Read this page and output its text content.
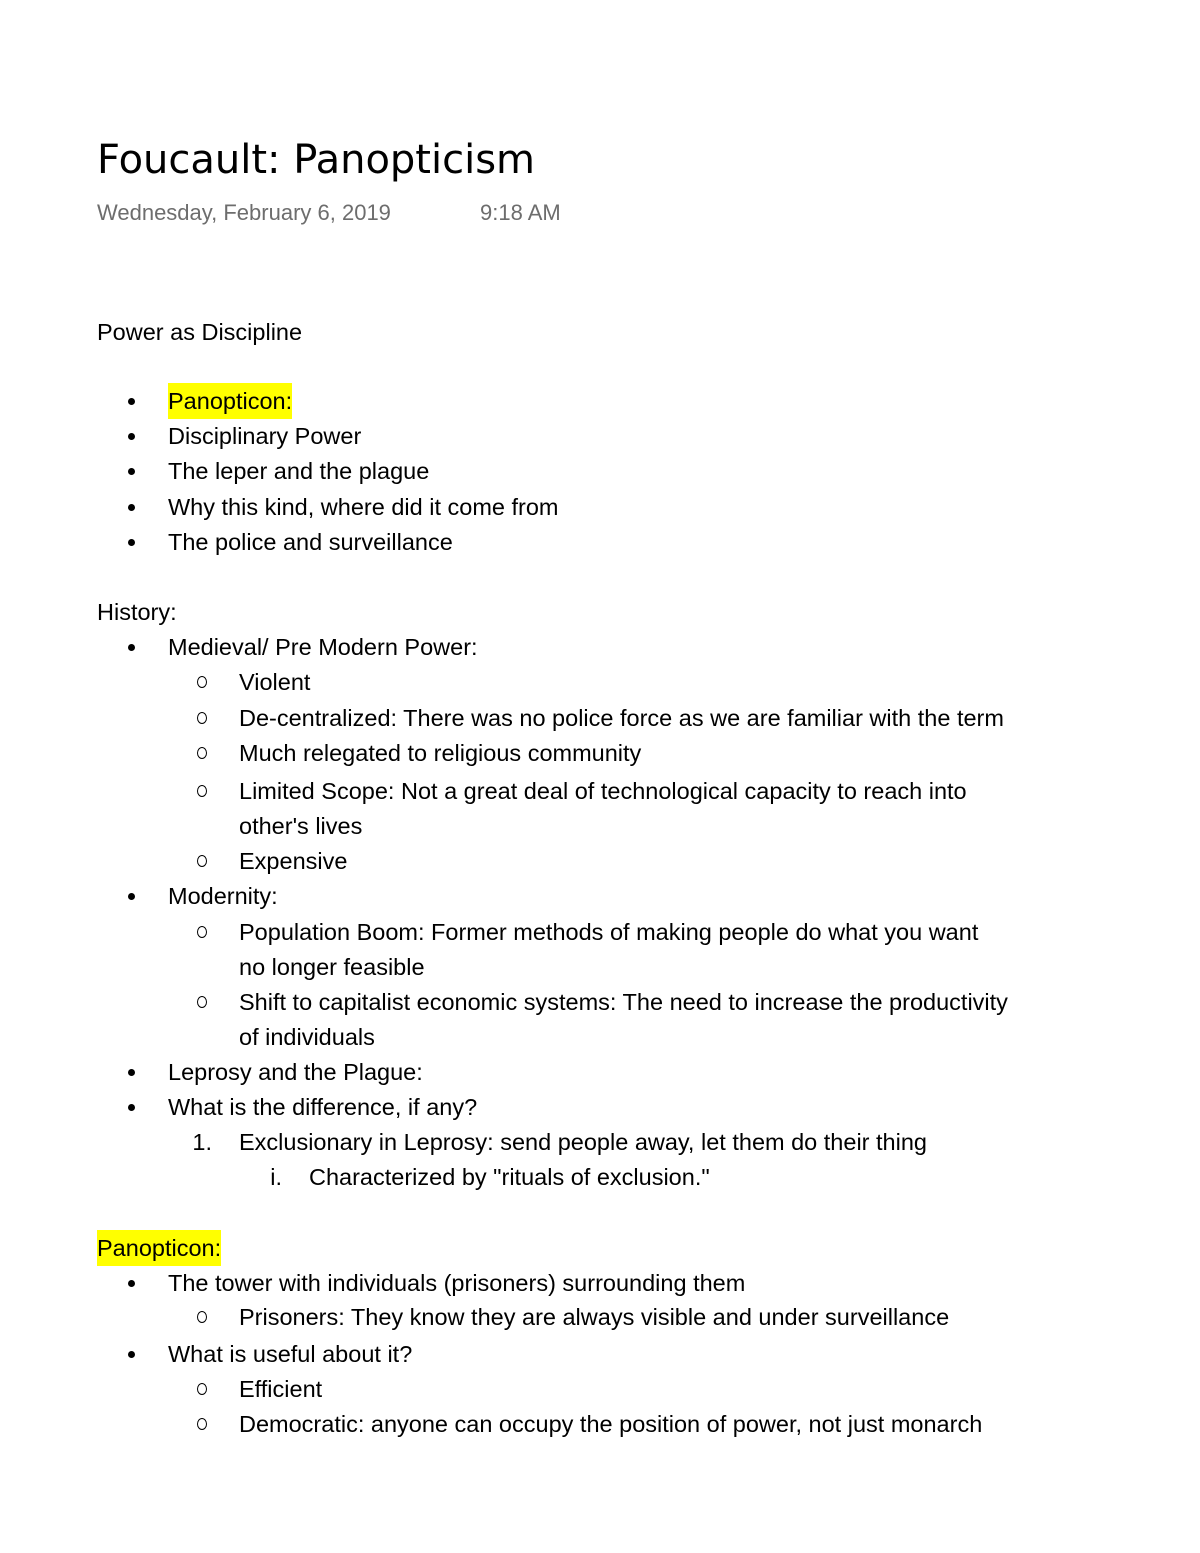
Foucault: Panopticism
Wednesday, February 6, 2019	9:18 AM
Power as Discipline
Panopticon:
Disciplinary Power
The leper and the plague
Why this kind, where did it come from
The police and surveillance
History:
Medieval/ Pre Modern Power:
Violent
De-centralized: There was no police force as we are familiar with the term
Much relegated to religious community
Limited Scope: Not a great deal of technological capacity to reach into
other's lives
Expensive
Modernity:
Population Boom: Former methods of making people do what you want
no longer feasible
Shift to capitalist economic systems: The need to increase the productivity
of individuals
Leprosy and the Plague:
What is the difference, if any?
1. Exclusionary in Leprosy: send people away, let them do their thing
i. Characterized by "rituals of exclusion."
Panopticon:
The tower with individuals (prisoners) surrounding them
Prisoners: They know they are always visible and under surveillance
What is useful about it?
Efficient
Democratic: anyone can occupy the position of power, not just monarch
